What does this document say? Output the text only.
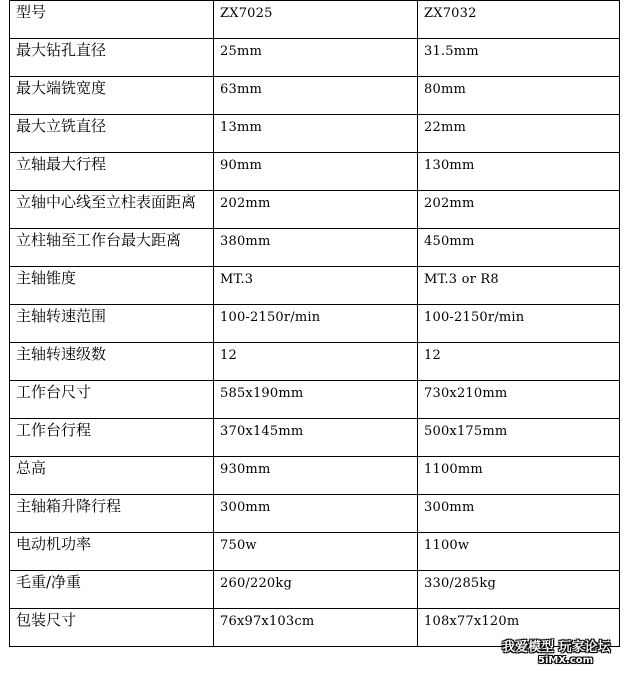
型号	ZX7025	ZX7032

最大钻孔直径	25mm	31.5mm

最大端铣宽度	63mm	80mm

最大立铣直径	13mm	22mm

立轴最大行程	90mm	130mm

立轴中心线至立柱表面距离	202mm	202mm

立柱轴至工作台最大距离	380mm	450mm

主轴锥度	MT.3	MT.3 or R8

主轴转速范围	100-2150r/min	100-2150r/min

主轴转速级数	12	12

工作台尺寸	585x190mm	730x210mm

工作台行程	370x145mm	500x175mm

总高	930mm	1100mm

主轴箱升降行程	300mm	300mm

电动机功率	750w	1100w

毛重/净重	260/220kg	330/285kg

包装尺寸	76x97x103cm	108x77x120m
我爱模型 玩家论坛
5iMX.com
